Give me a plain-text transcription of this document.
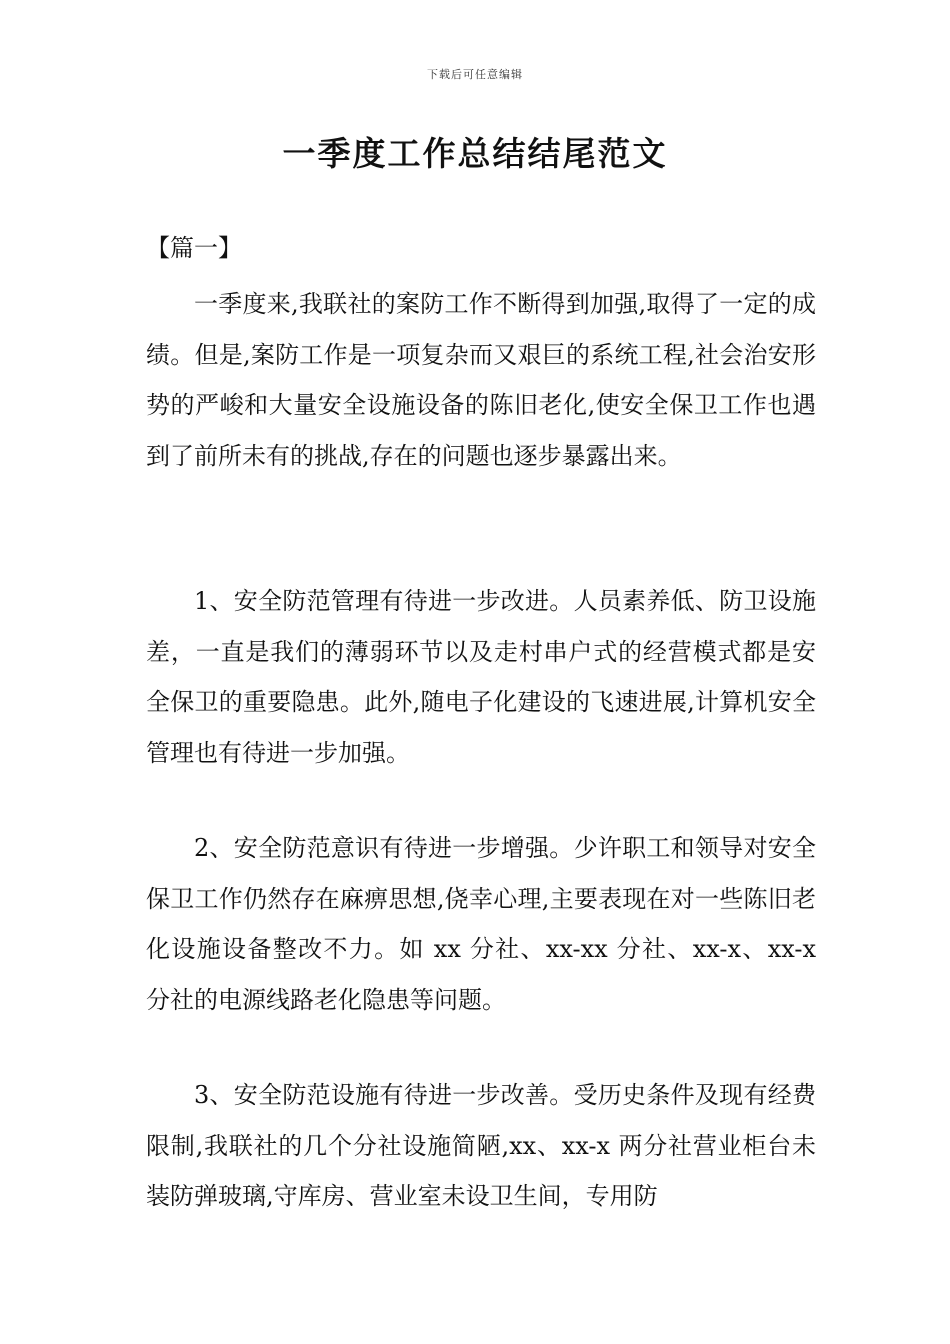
下载后可任意编辑
一季度工作总结结尾范文

【篇一】

一季度来,我联社的案防工作不断得到加强,取得了一定的成绩。但是,案防工作是一项复杂而又艰巨的系统工程,社会治安形势的严峻和大量安全设施设备的陈旧老化,使安全保卫工作也遇到了前所未有的挑战,存在的问题也逐步暴露出来。

1、安全防范管理有待进一步改进。人员素养低、防卫设施差，一直是我们的薄弱环节以及走村串户式的经营模式都是安全保卫的重要隐患。此外,随电子化建设的飞速进展,计算机安全管理也有待进一步加强。

2、安全防范意识有待进一步增强。少许职工和领导对安全保卫工作仍然存在麻痹思想,侥幸心理,主要表现在对一些陈旧老化设施设备整改不力。如 xx 分社、xx-xx 分社、xx-x、xx-x 分社的电源线路老化隐患等问题。

3、安全防范设施有待进一步改善。受历史条件及现有经费限制,我联社的几个分社设施简陋,xx、xx-x 两分社营业柜台未装防弹玻璃,守库房、营业室未设卫生间，专用防
